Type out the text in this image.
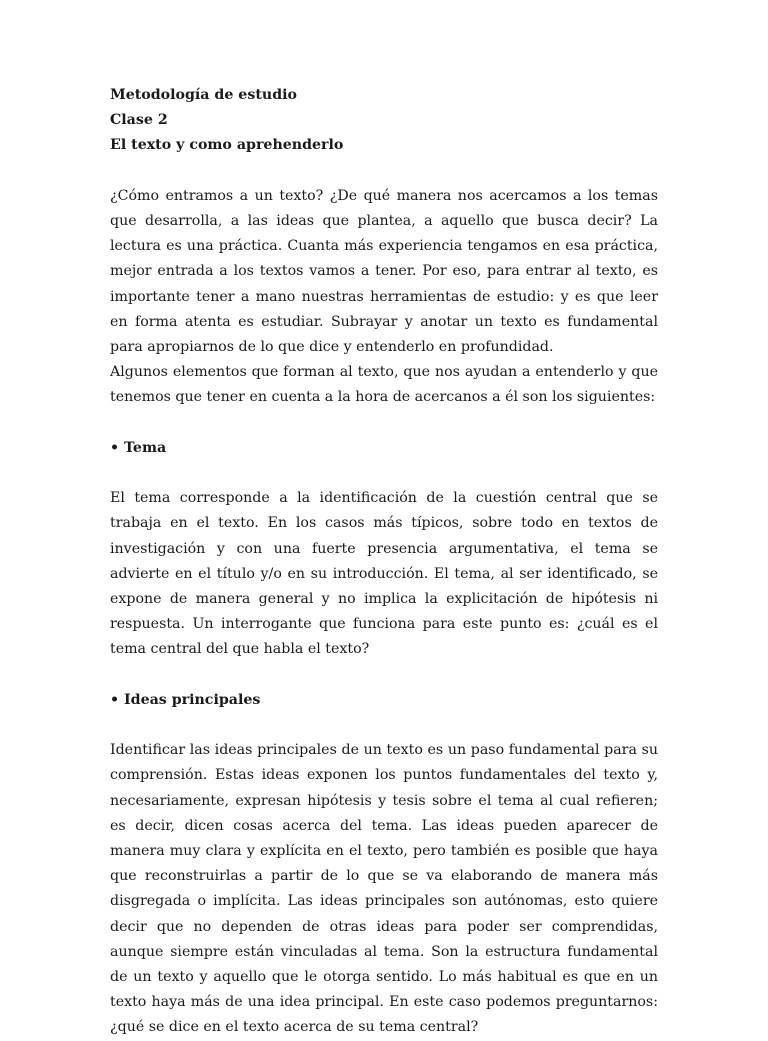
Metodología de estudio

Clase 2

El texto y como aprehenderlo

¿Cómo entramos a un texto? ¿De qué manera nos acercamos a los temas que desarrolla, a las ideas que plantea, a aquello que busca decir? La lectura es una práctica. Cuanta más experiencia tengamos en esa práctica, mejor entrada a los textos vamos a tener. Por eso, para entrar al texto, es importante tener a mano nuestras herramientas de estudio: y es que leer en forma atenta es estudiar. Subrayar y anotar un texto es fundamental para apropiarnos de lo que dice y entenderlo en profundidad.

Algunos elementos que forman al texto, que nos ayudan a entenderlo y que tenemos que tener en cuenta a la hora de acercanos a él son los siguientes:

• Tema

El tema corresponde a la identificación de la cuestión central que se trabaja en el texto. En los casos más típicos, sobre todo en textos de investigación y con una fuerte presencia argumentativa, el tema se advierte en el título y/o en su introducción. El tema, al ser identificado, se expone de manera general y no implica la explicitación de hipótesis ni respuesta. Un interrogante que funciona para este punto es: ¿cuál es el tema central del que habla el texto?

• Ideas principales

Identificar las ideas principales de un texto es un paso fundamental para su comprensión. Estas ideas exponen los puntos fundamentales del texto y, necesariamente, expresan hipótesis y tesis sobre el tema al cual refieren; es decir, dicen cosas acerca del tema. Las ideas pueden aparecer de manera muy clara y explícita en el texto, pero también es posible que haya que reconstruirlas a partir de lo que se va elaborando de manera más disgregada o implícita. Las ideas principales son autónomas, esto quiere decir que no dependen de otras ideas para poder ser comprendidas, aunque siempre están vinculadas al tema. Son la estructura fundamental de un texto y aquello que le otorga sentido. Lo más habitual es que en un texto haya más de una idea principal. En este caso podemos preguntarnos: ¿qué se dice en el texto acerca de su tema central?
